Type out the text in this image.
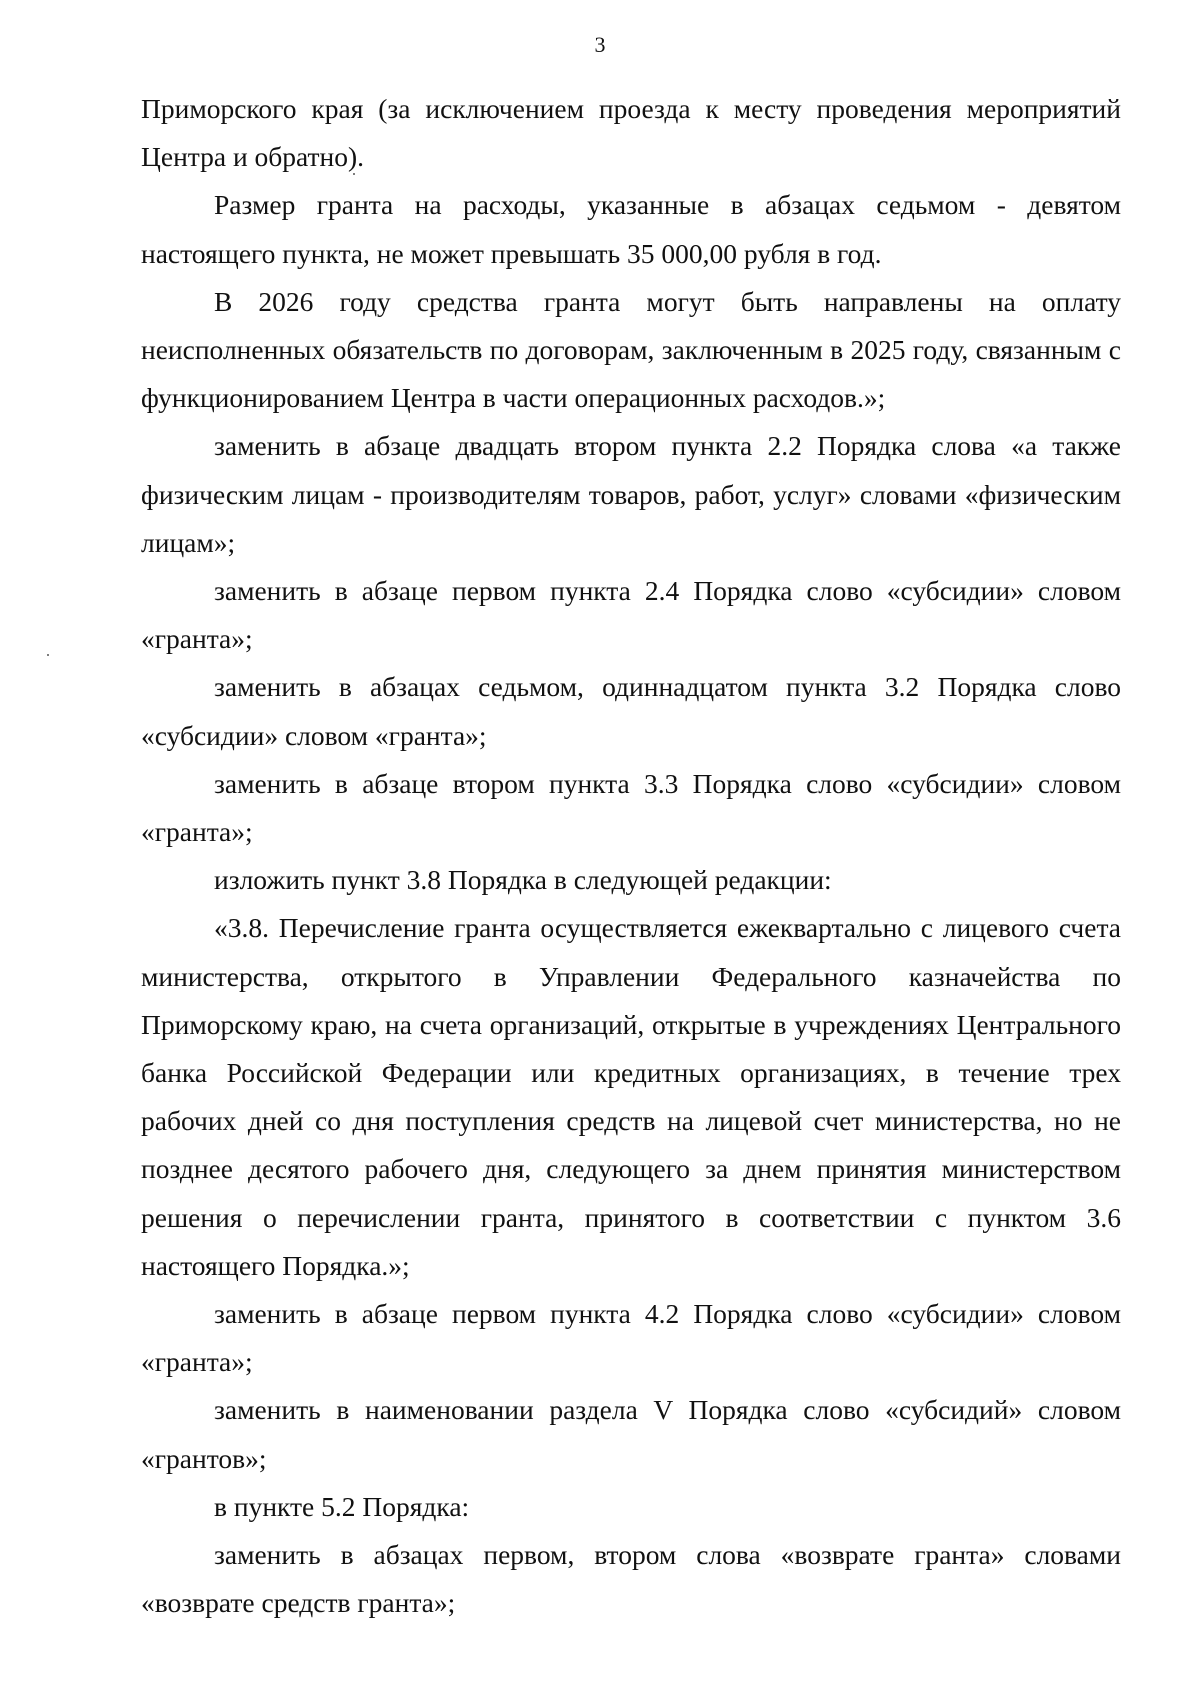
3

Приморского края (за исключением проезда к месту проведения мероприятий Центра и обратно).

Размер гранта на расходы, указанные в абзацах седьмом - девятом настоящего пункта, не может превышать 35 000,00 рубля в год.

В 2026 году средства гранта могут быть направлены на оплату неисполненных обязательств по договорам, заключенным в 2025 году, связанным с функционированием Центра в части операционных расходов.»;

заменить в абзаце двадцать втором пункта 2.2 Порядка слова «а также физическим лицам - производителям товаров, работ, услуг» словами «физическим лицам»;

заменить в абзаце первом пункта 2.4 Порядка слово «субсидии» словом «гранта»;

заменить в абзацах седьмом, одиннадцатом пункта 3.2 Порядка слово «субсидии» словом «гранта»;

заменить в абзаце втором пункта 3.3 Порядка слово «субсидии» словом «гранта»;

изложить пункт 3.8 Порядка в следующей редакции:

«3.8. Перечисление гранта осуществляется ежеквартально с лицевого счета министерства, открытого в Управлении Федерального казначейства по Приморскому краю, на счета организаций, открытые в учреждениях Центрального банка Российской Федерации или кредитных организациях, в течение трех рабочих дней со дня поступления средств на лицевой счет министерства, но не позднее десятого рабочего дня, следующего за днем принятия министерством решения о перечислении гранта, принятого в соответствии с пунктом 3.6 настоящего Порядка.»;

заменить в абзаце первом пункта 4.2 Порядка слово «субсидии» словом «гранта»;

заменить в наименовании раздела V Порядка слово «субсидий» словом «грантов»;

в пункте 5.2 Порядка:

заменить в абзацах первом, втором слова «возврате гранта» словами «возврате средств гранта»;
